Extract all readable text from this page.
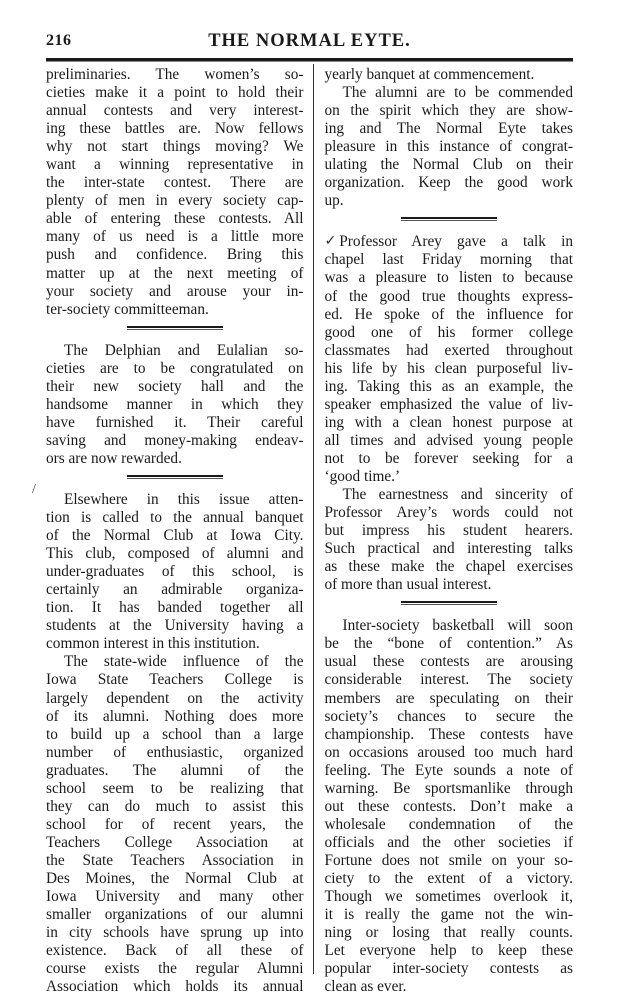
216	THE NORMAL EYTE.
preliminaries. The women’s so-
cieties make it a point to hold their
annual contests and very interest-
ing these battles are. Now fellows
why not start things moving? We
want a winning representative in
the inter-state contest. There are
plenty of men in every society cap-
able of entering these contests. All
many of us need is a little more
push and confidence. Bring this
matter up at the next meeting of
your society and arouse your in-
ter-society committeeman.
The Delphian and Eulalian so-
cieties are to be congratulated on
their new society hall and the
handsome manner in which they
have furnished it. Their careful
saving and money-making endeav-
ors are now rewarded.
Elsewhere in this issue atten-
tion is called to the annual banquet
of the Normal Club at Iowa City.
This club, composed of alumni and
under-graduates of this school, is
certainly an admirable organiza-
tion. It has banded together all
students at the University having a
common interest in this institution.
The state-wide influence of the
Iowa State Teachers College is
largely dependent on the activity
of its alumni. Nothing does more
to build up a school than a large
number of enthusiastic, organized
graduates. The alumni of the
school seem to be realizing that
they can do much to assist this
school for of recent years, the
Teachers College Association at
the State Teachers Association in
Des Moines, the Normal Club at
Iowa University and many other
smaller organizations of our alumni
in city schools have sprung up into
existence. Back of all these of
course exists the regular Alumni
Association which holds its annual
yearly banquet at commencement.
The alumni are to be commended
on the spirit which they are show-
ing and The Normal Eyte takes
pleasure in this instance of congrat-
ulating the Normal Club on their
organization. Keep the good work
up.
✓ Professor Arey gave a talk in
chapel last Friday morning that
was a pleasure to listen to because
of the good true thoughts express-
ed. He spoke of the influence for
good one of his former college
classmates had exerted throughout
his life by his clean purposeful liv-
ing. Taking this as an example, the
speaker emphasized the value of liv-
ing with a clean honest purpose at
all times and advised young people
not to be forever seeking for a
‘good time.’
The earnestness and sincerity of
Professor Arey’s words could not
but impress his student hearers.
Such practical and interesting talks
as these make the chapel exercises
of more than usual interest.
Inter-society basketball will soon
be the “bone of contention.” As
usual these contests are arousing
considerable interest. The society
members are speculating on their
society’s chances to secure the
championship. These contests have
on occasions aroused too much hard
feeling. The Eyte sounds a note of
warning. Be sportsmanlike through
out these contests. Don’t make a
wholesale condemnation of the
officials and the other societies if
Fortune does not smile on your so-
ciety to the extent of a victory.
Though we sometimes overlook it,
it is really the game not the win-
ning or losing that really counts.
Let everyone help to keep these
popular inter-society contests as
clean as ever.
/
